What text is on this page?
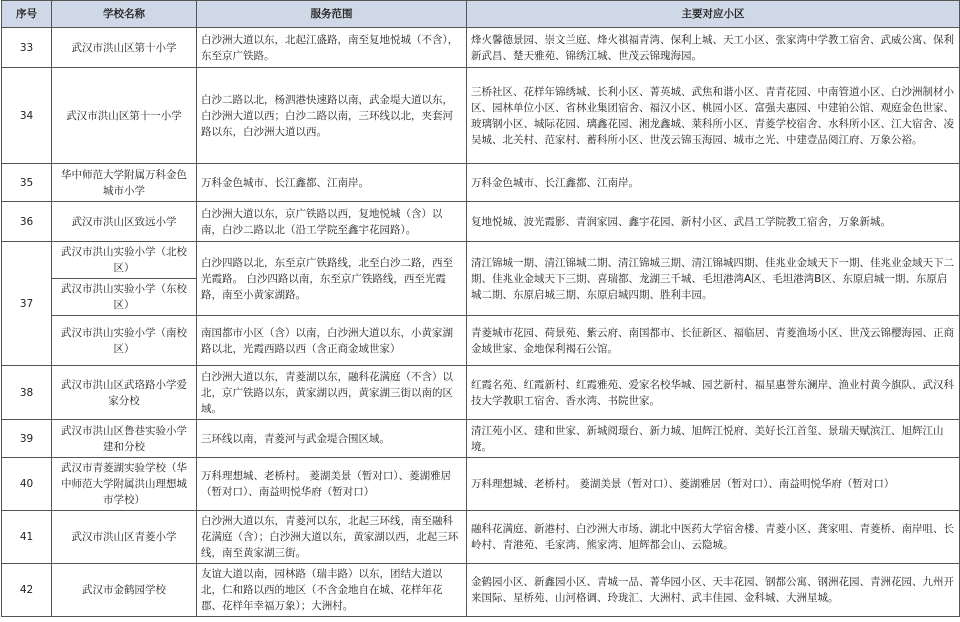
序号	学校名称	服务范围	主要对应小区
33	武汉市洪山区第十小学	白沙洲大道以东，北起江盛路，南至复地悦城（不含），东至京广铁路。	烽火馨德景园、崇文兰庭、烽火祺福青湾、保利上城、天工小区、张家湾中学教工宿舍、武威公寓、保利新武昌、楚天雅苑、锦绣江城、世茂云锦瑰海园。
34	武汉市洪山区第十一小学	白沙二路以北，杨泗港快速路以南，武金堤大道以东，白沙洲大道以西；白沙二路以南，三环线以北，夹套河路以东，白沙洲大道以西。	三桥社区、花样年锦绣城、长利小区、菁英城、武焦和谐小区、青青花园、中南管道小区、白沙洲制材小区、园林单位小区、省林业集团宿舍、福汉小区、桃园小区、富强夫惠园、中建铂公馆、观庭金色世家、玻璃钢小区、城际花园、璃鑫花园、湘龙鑫城、莱科所小区、青菱学校宿舍、水科所小区、江大宿舍、凌吴城、北关村、范家村、蓄科所小区、世茂云锦玉海园、城市之光、中建壹品阅江府、万象公裕。
35	华中师范大学附属万科金色城市小学	万科金色城市、长江鑫都、江南岸。	万科金色城市、长江鑫都、江南岸。
36	武汉市洪山区致远小学	白沙洲大道以东，京广铁路以西，复地悦城（含）以南，白沙二路以北（沿工学院至鑫宇花园路）。	复地悦城、波光霞影、青润家园、鑫宇花园、新村小区、武昌工学院教工宿舍，万象新城。
37	武汉市洪山实验小学（北校区）	白沙四路以北，东至京广铁路线，北至白沙二路，西至光霞路。 白沙四路以南，东至京广铁路线，西至光霞路，南至小黄家湖路。	清江锦城一期、清江锦城二期、清江锦城三期、清江锦城四期、佳兆业金域天下一期、佳兆业金域天下二期、佳兆业金域天下三期、喜瑞都、龙湖三千城、毛坦港湾A区、毛坦港湾B区、东原启城一期、东原启城二期、东原启城三期、东原启城四期、胜利丰园。
	武汉市洪山实验小学（东校区）		
	武汉市洪山实验小学（南校区）	南国都市小区（含）以南，白沙洲大道以东，小黄家湖路以北，光霞西路以西（含正商金域世家）	青菱城市花园、荷景苑、紫云府、南国都市、长征新区、福临居、青菱渔场小区、世茂云锦樱海园、正商金域世家、金地保利褐石公馆。
38	武汉市洪山区武珞路小学爱家分校	白沙洲大道以东，青菱湖以东，融科花满庭（不含）以北，京广铁路以东，黄家湖以西，黄家湖三街以南的区域。	红霞名苑、红霞新村、红霞雅苑、爱家名校华城、园艺新村、福星惠誉东澜岸、渔业村黄今旗队、武汉科技大学教职工宿舍、香水湾、书院世家。
39	武汉市洪山区鲁巷实验小学建和分校	三环线以南，青菱河与武金堤合围区域。	清江苑小区、建和世家、新城阅璟台、新力城、旭辉江悦府、美好长江首玺、景瑞天赋滨江、旭辉江山境。
40	武汉市青菱湖实验学校（华中师范大学附属洪山理想城市学校）	万科理想城、老桥村。 菱湖美景（暂对口）、菱湖雅居（暂对口）、南益明悦华府（暂对口）	万科理想城、老桥村。 菱湖美景（暂对口）、菱湖雅居（暂对口）、南益明悦华府（暂对口）
41	武汉市洪山区青菱小学	白沙洲大道以东，青菱河以东，北起三环线，南至融科花满庭（含）；白沙洲大道以东，黄家湖以西，北起三环线，南至黄家湖三街。	融科花满庭、新港村、白沙洲大市场、湖北中医药大学宿舍楼、青菱小区、龚家咀、青菱桥、南岸咀、长岭村、青港苑、毛家湾、熊家湾、旭辉都会山、云隐城。
42	武汉市金鹤园学校	友谊大道以南，园林路（瑞丰路）以东，团结大道以北，仁和路以西的地区（不含金地自在城、花样年花郡、花样年幸福万象）；大洲村。	金鹤园小区、新鑫园小区、青城一品、菁华园小区、天丰花园、钢都公寓、钢洲花园、青洲花园、九州开来国际、星桥苑、山河格调、玲珑汇、大洲村、武丰佳园、金科城、大洲星城。
